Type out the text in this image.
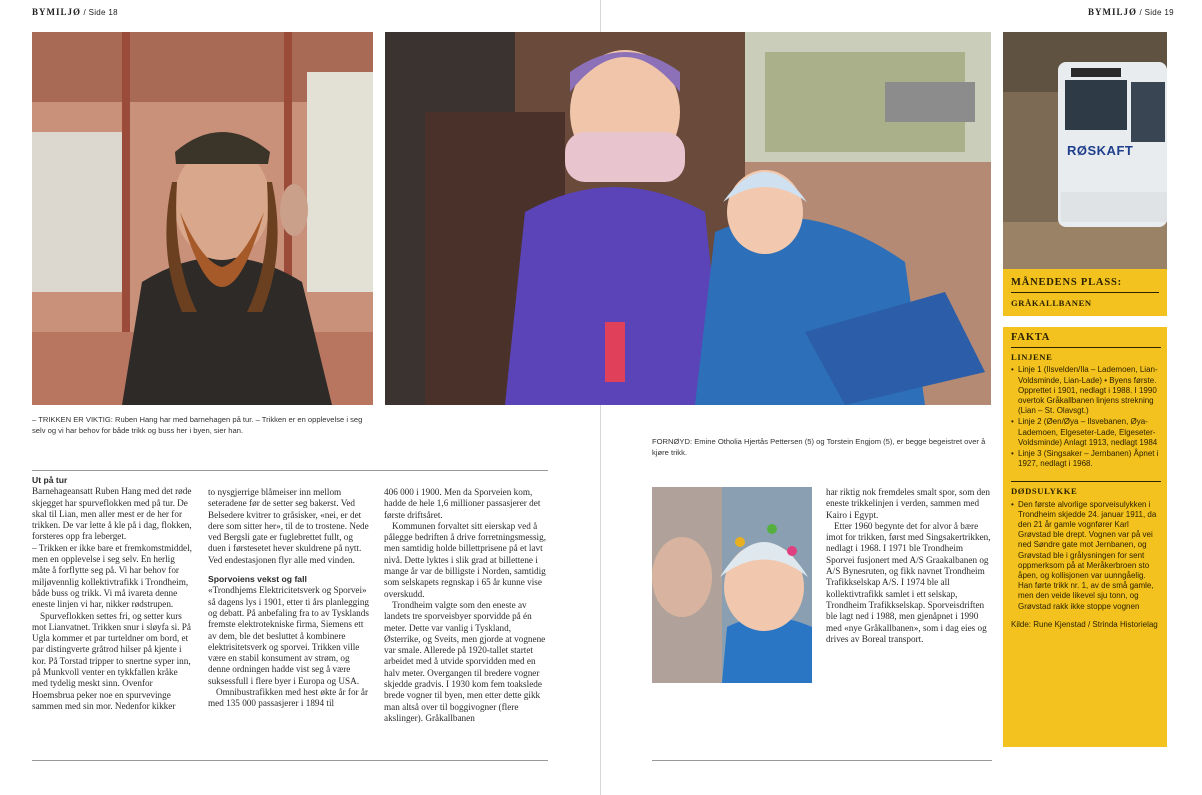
BYMILJØ / Side 18	BYMILJØ / Side 19
RØSKAFT
– TRIKKEN ER VIKTIG: Ruben Hang har med barnehagen på tur. – Trikken er en opplevelse i seg selv og vi har behov for både trikk og buss her i byen, sier han.
FORNØYD: Emine Otholia Hjertås Pettersen (5) og Torstein Engjom (5), er begge begeistret over å kjøre trikk.

Ut på tur

Barnehageansatt Ruben Hang med det røde skjegget har spurveflokken med på tur. De skal til Lian, men aller mest er de her for trikken. De var lette å kle på i dag, flokken, forsteres opp fra leberget.

– Trikken er ikke bare et fremkomstmiddel, men en opplevelse i seg selv. En herlig måte å forflytte seg på. Vi har behov for miljøvennlig kollektivtrafikk i Trondheim, både buss og trikk. Vi må ivareta denne eneste linjen vi har, nikker rødstrupen.

Spurveflokken settes fri, og setter kurs mot Lianvatnet. Trikken snur i sløyfa si. På Ugla kommer et par turteldner om bord, et par distingverte gråtrod hilser på kjente i kor. På Torstad tripper to snertne syper inn, på Munkvoll venter en tykkfallen kråke med tydelig meskt sinn. Ovenfor Hoemsbrua peker noe en spurvevinge sammen med sin mor. Nedenfor kikker

to nysgjerrige blåmeiser inn mellom seteradene før de setter seg bakerst. Ved Belsedere kvitrer to gråsisker, «nei, er det dere som sitter her», til de to trostene. Nede ved Bergsli gate er fuglebrettet fullt, og duen i førstesetet hever skuldrene på nytt. Ved endestasjonen flyr alle med vinden.

Sporvoiens vekst og fall

«Trondhjems Elektricitetsverk og Sporvei» så dagens lys i 1901, etter ti års planlegging og debatt. På anbefaling fra to av Tysklands fremste elektrotekniske firma, Siemens ett av dem, ble det besluttet å kombinere elektrisitetsverk og sporvei. Trikken ville være en stabil konsument av strøm, og denne ordningen hadde vist seg å være suksessfull i flere byer i Europa og USA.

Omnibustrafikken med hest økte år for år med 135 000 passasjerer i 1894 til

406 000 i 1900. Men da Sporveien kom, hadde de hele 1,6 millioner passasjerer det første driftsåret.

Kommunen forvaltet sitt eierskap ved å pålegge bedriften å drive forretningsmessig, men samtidig holde billettprisene på et lavt nivå. Dette lyktes i slik grad at billettene i mange år var de billigste i Norden, samtidig som selskapets regnskap i 65 år kunne vise overskudd.

Trondheim valgte som den eneste av landets tre sporveisbyer sporvidde på én meter. Dette var vanlig i Tyskland, Østerrike, og Sveits, men gjorde at vognene var smale. Allerede på 1920-tallet startet arbeidet med å utvide sporvidden med en halv meter. Overgangen til bredere vogner skjedde gradvis. I 1930 kom fem toakslede brede vogner til byen, men etter dette gikk man altså over til boggivogner (flere akslinger). Gråkallbanen

har riktig nok fremdeles smalt spor, som den eneste trikkelinjen i verden, sammen med Kairo i Egypt.

Etter 1960 begynte det for alvor å bære imot for trikken, først med Singsakertrikken, nedlagt i 1968. I 1971 ble Trondheim Sporvei fusjonert med A/S Graakalbanen og A/S Bynesruten, og fikk navnet Trondheim Trafikkselskap A/S. I 1974 ble all kollektivtrafikk samlet i ett selskap, Trondheim Trafikkselskap. Sporveisdriften ble lagt ned i 1988, men gjenåpnet i 1990 med «nye Gråkallbanen», som i dag eies og drives av Boreal transport.

MÅNEDENS PLASS:
GRÅKALLBANEN
FAKTA
LINJENE
• Linje 1 (Ilsvelden/Ila – Lademoen, Lian-Voldsminde, Lian-Lade) • Byens første. Opprettet i 1901, nedlagt i 1988. I 1990 overtok Gråkallbanen linjens strekning (Lian – St. Olavsgt.)
• Linje 2 (Øen/Øya – Ilsvebanen, Øya-Lademoen, Elgeseter-Lade, Elgeseter-Voldsminde) Anlagt 1913, nedlagt 1984
• Linje 3 (Singsaker – Jernbanen) Åpnet i 1927, nedlagt i 1968.
DØDSULYKKE
• Den første alvorlige sporveisulykken i Trondheim skjedde 24. januar 1911, da den 21 år gamle vognfører Karl Grøvstad ble drept. Vognen var på vei ned Søndre gate mot Jernbanen, og Grøvstad ble i grålysningen for sent oppmerksom på at Meråkerbroen sto åpen, og kollisjonen var uunngåelig. Han førte trikk nr. 1, av de små gamle, men den veide likevel sju tonn, og Grøvstad rakk ikke stoppe vognen
Kilde: Rune Kjenstad / Strinda Historielag
